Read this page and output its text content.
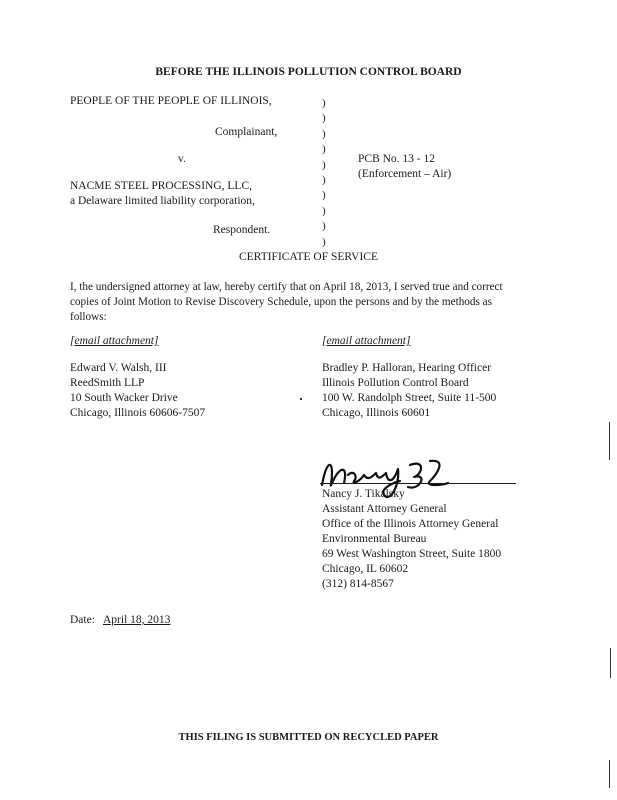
BEFORE THE ILLINOIS POLLUTION CONTROL BOARD
PEOPLE OF THE PEOPLE OF ILLINOIS,
Complainant,
v.
NACME STEEL PROCESSING, LLC,
a Delaware limited liability corporation,
Respondent.
)
)
)
)
)
)
)
)
)
)
PCB No. 13 - 12
(Enforcement – Air)
CERTIFICATE OF SERVICE
I, the undersigned attorney at law, hereby certify that on April 18, 2013, I served true and correct
copies of Joint Motion to Revise Discovery Schedule, upon the persons and by the methods as
follows:
[email attachment]
Edward V. Walsh, III
ReedSmith LLP
10 South Wacker Drive
Chicago, Illinois 60606-7507
[email attachment]
Bradley P. Halloran, Hearing Officer
Illinois Pollution Control Board
100 W. Randolph Street, Suite 11-500
Chicago, Illinois 60601
Nancy J. Tikalsky
Assistant Attorney General
Office of the Illinois Attorney General
Environmental Bureau
69 West Washington Street, Suite 1800
Chicago, IL 60602
(312) 814-8567
Date: April 18, 2013
THIS FILING IS SUBMITTED ON RECYCLED PAPER
